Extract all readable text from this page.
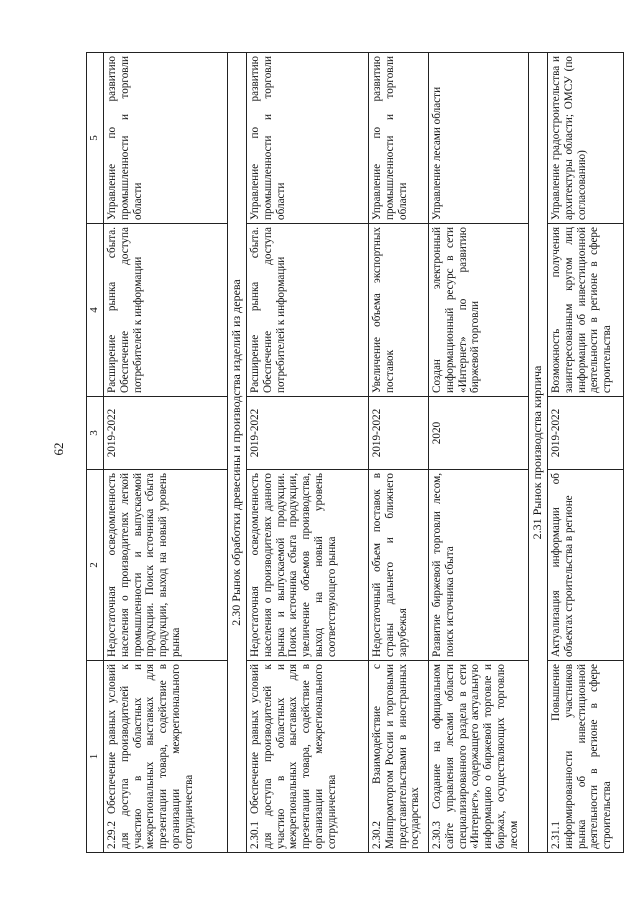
62
1	2	3	4	5
2.29.2 Обеспечение равных условий для доступа производителей к участию в областных и межрегиональных выставках для презентации товара, содействие в организации межрегионального сотрудничества	Недостаточная осведомленность населения о производителях легкой промышленности и выпускаемой продукции. Поиск источника сбыта продукции, выход на новый уровень рынка	2019-2022	Расширение рынка сбыта. Обеспечение доступа потребителей к информации	Управление по развитию промышленности и торговли области
2.30 Рынок обработки древесины и производства изделий из дерева				
2.30.1 Обеспечение равных условий для доступа производителей к участию в областных и межрегиональных выставках для презентации товара, содействие в организации межрегионального сотрудничества	Недостаточная осведомленность населения о производителях данного рынка и выпускаемой продукции. Поиск источника сбыта продукции, увеличение объемов производства, выход на новый уровень соответствующего рынка	2019-2022	Расширение рынка сбыта. Обеспечение доступа потребителей к информации	Управление по развитию промышленности и торговли области
2.30.2 Взаимодействие с Минпромторгом России и торговыми представительствами в иностранных государствах	Недостаточный объем поставок в страны дальнего и ближнего зарубежья	2019-2022	Увеличение объема экспортных поставок	Управление по развитию промышленности и торговли области
2.30.3 Создание на официальном сайте управления лесами области специализированного раздела в сети «Интернет», содержащего актуальную информацию о биржевой торговле и биржах, осуществляющих торговлю лесом	Развитие биржевой торговли лесом, поиск источника сбыта	2020	Создан электронный информационный ресурс в сети «Интернет» по развитию биржевой торговли	Управление лесами области
2.31 Рынок производства кирпича				
2.31.1 Повышение информированности участников рынка об инвестиционной деятельности в регионе в сфере строительства	Актуализация информации об объектах строительства в регионе	2019-2022	Возможность получения заинтересованным кругом лиц информации об инвестиционной деятельности в регионе в сфере строительства	Управление градостроительства и архитектуры области; ОМСУ (по согласованию)
